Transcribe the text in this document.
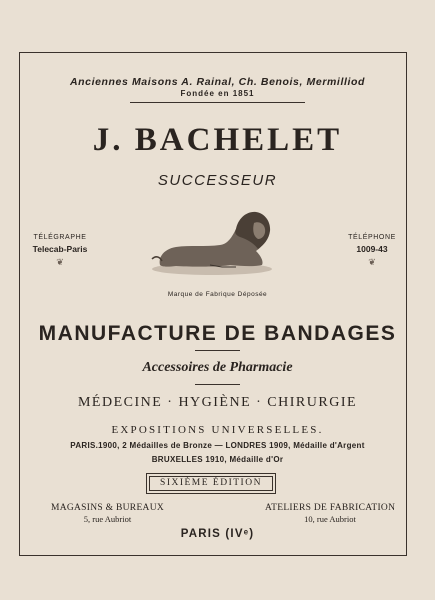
Anciennes Maisons A. Rainal, Ch. Benois, Mermilliod
Fondée en 1851
J. BACHELET
SUCCESSEUR
TÉLÉGRAPHE
Telecab-Paris
❦
TÉLÉPHONE
1009-43
❦
Marque de Fabrique Déposée
MANUFACTURE DE BANDAGES
Accessoires de Pharmacie
MÉDECINE · HYGIÈNE · CHIRURGIE
EXPOSITIONS UNIVERSELLES.
PARIS.1900, 2 Médailles de Bronze — LONDRES 1909, Médaille d'Argent
BRUXELLES 1910, Médaille d'Or
SIXIÈME ÉDITION
MAGASINS & BUREAUX
5, rue Aubriot
ATELIERS DE FABRICATION
10, rue Aubriot
PARIS (IVᵉ)
